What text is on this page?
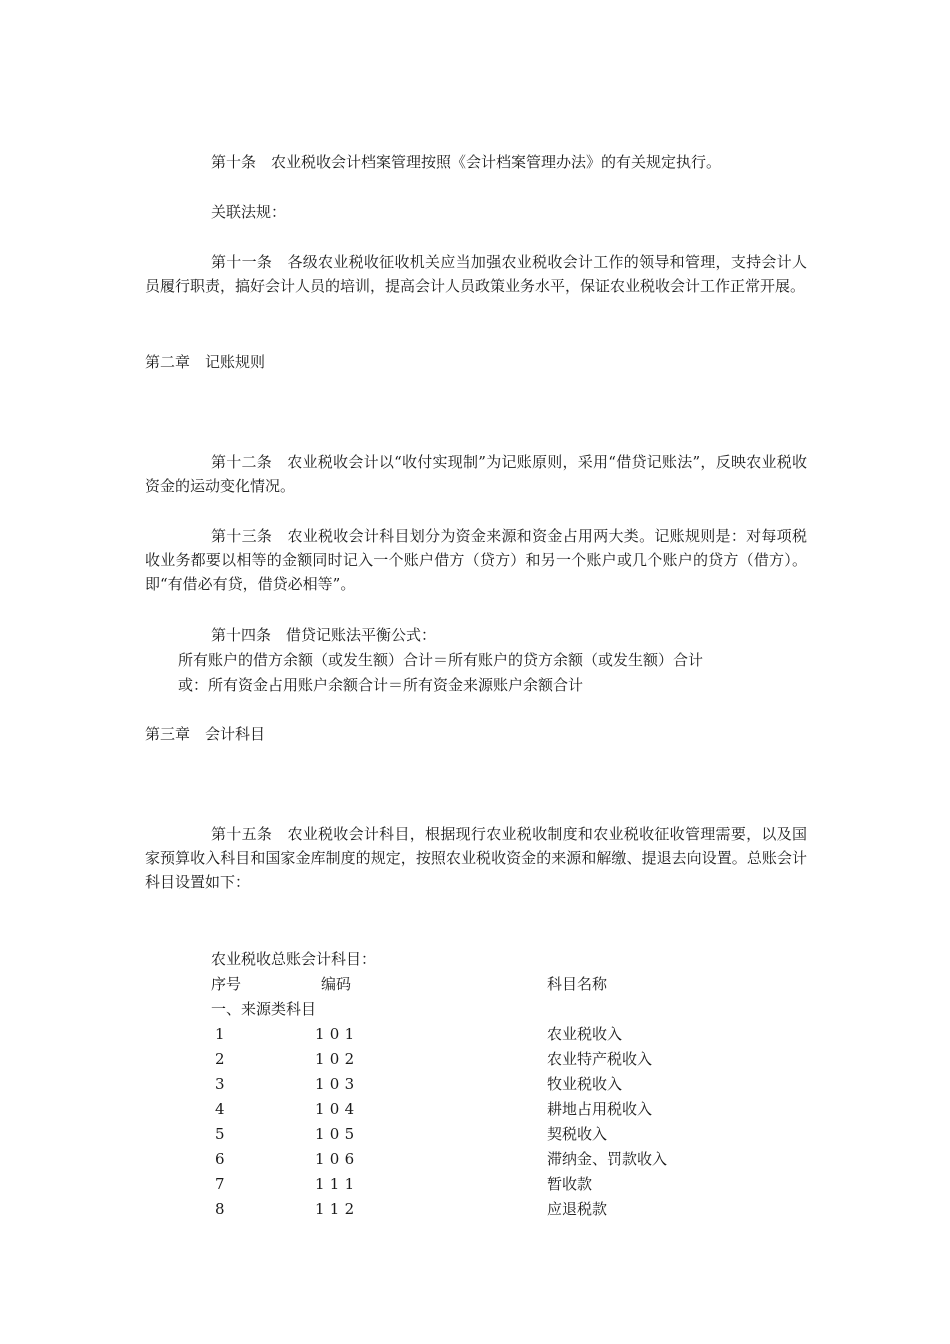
第十条 农业税收会计档案管理按照《会计档案管理办法》的有关规定执行。

关联法规：

第十一条 各级农业税收征收机关应当加强农业税收会计工作的领导和管理，支持会计人员履行职责，搞好会计人员的培训，提高会计人员政策业务水平，保证农业税收会计工作正常开展。

第二章 记账规则

第十二条 农业税收会计以“收付实现制”为记账原则，采用“借贷记账法”，反映农业税收资金的运动变化情况。

第十三条 农业税收会计科目划分为资金来源和资金占用两大类。记账规则是：对每项税收业务都要以相等的金额同时记入一个账户借方（贷方）和另一个账户或几个账户的贷方（借方）。即“有借必有贷，借贷必相等”。

第十四条 借贷记账法平衡公式：

所有账户的借方余额（或发生额）合计＝所有账户的贷方余额（或发生额）合计

或：所有资金占用账户余额合计＝所有资金来源账户余额合计

第三章 会计科目

第十五条 农业税收会计科目，根据现行农业税收制度和农业税收征收管理需要，以及国家预算收入科目和国家金库制度的规定，按照农业税收资金的来源和解缴、提退去向设置。总账会计科目设置如下：

农业税收总账会计科目：
序号	编码	科目名称
一、来源类科目
1	101	农业税收入
2	102	农业特产税收入
3	103	牧业税收入
4	104	耕地占用税收入
5	105	契税收入
6	106	滞纳金、罚款收入
7	111	暂收款
8	112	应退税款
